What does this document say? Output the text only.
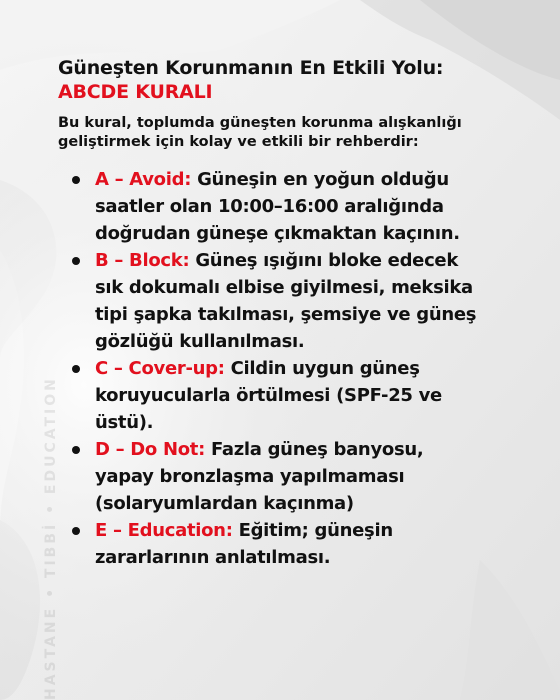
HASTANE • TIBBİ • EDUCATION
Güneşten Korunmanın En Etkili Yolu:
ABCDE KURALI

Bu kural, toplumda güneşten korunma alışkanlığı geliştirmek için kolay ve etkili bir rehberdir:

A – Avoid: Güneşin en yoğun olduğu saatler olan 10:00–16:00 aralığında doğrudan güneşe çıkmaktan kaçının.
B – Block: Güneş ışığını bloke edecek sık dokumalı elbise giyilmesi, meksika tipi şapka takılması, şemsiye ve güneş gözlüğü kullanılması.
C – Cover-up: Cildin uygun güneş koruyucularla örtülmesi (SPF-25 ve üstü).
D – Do Not: Fazla güneş banyosu, yapay bronzlaşma yapılmaması (solaryumlardan kaçınma)
E – Education: Eğitim; güneşin zararlarının anlatılması.
